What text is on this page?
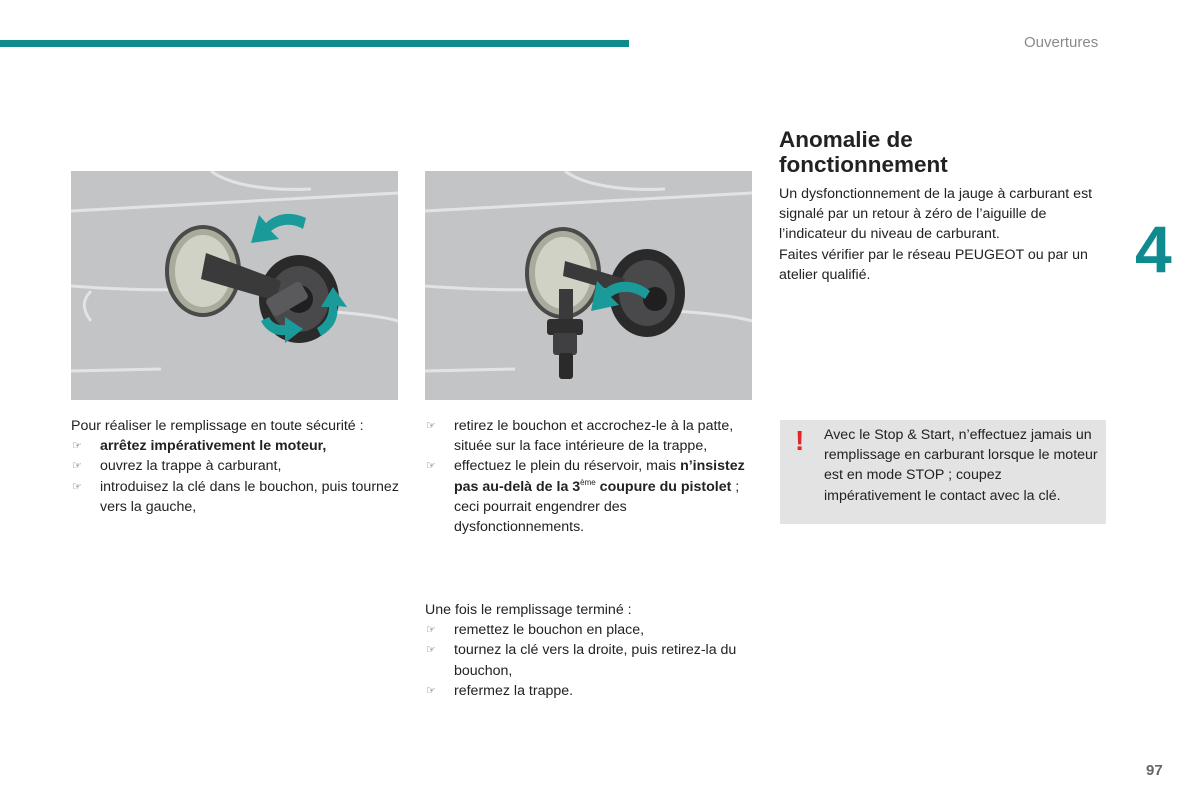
Ouvertures
4

Pour réaliser le remplissage en toute sécurité :

☞ arrêtez impérativement le moteur,
☞ ouvrez la trappe à carburant,
☞ introduisez la clé dans le bouchon, puis tournez vers la gauche,
☞ retirez le bouchon et accrochez-le à la patte, située sur la face intérieure de la trappe,
☞ effectuez le plein du réservoir, mais n’insistez pas au-delà de la 3ème coupure du pistolet ; ceci pourrait engendrer des dysfonctionnements.

Une fois le remplissage terminé :

☞ remettez le bouchon en place,
☞ tournez la clé vers la droite, puis retirez-la du bouchon,
☞ refermez la trappe.
Anomalie de
fonctionnement

Un dysfonctionnement de la jauge à carburant est signalé par un retour à zéro de l’aiguille de l’indicateur du niveau de carburant.

Faites vérifier par le réseau PEUGEOT ou par un atelier qualifié.

! Avec le Stop & Start, n’effectuez jamais un remplissage en carburant lorsque le moteur est en mode STOP ; coupez impérativement le contact avec la clé.
97
